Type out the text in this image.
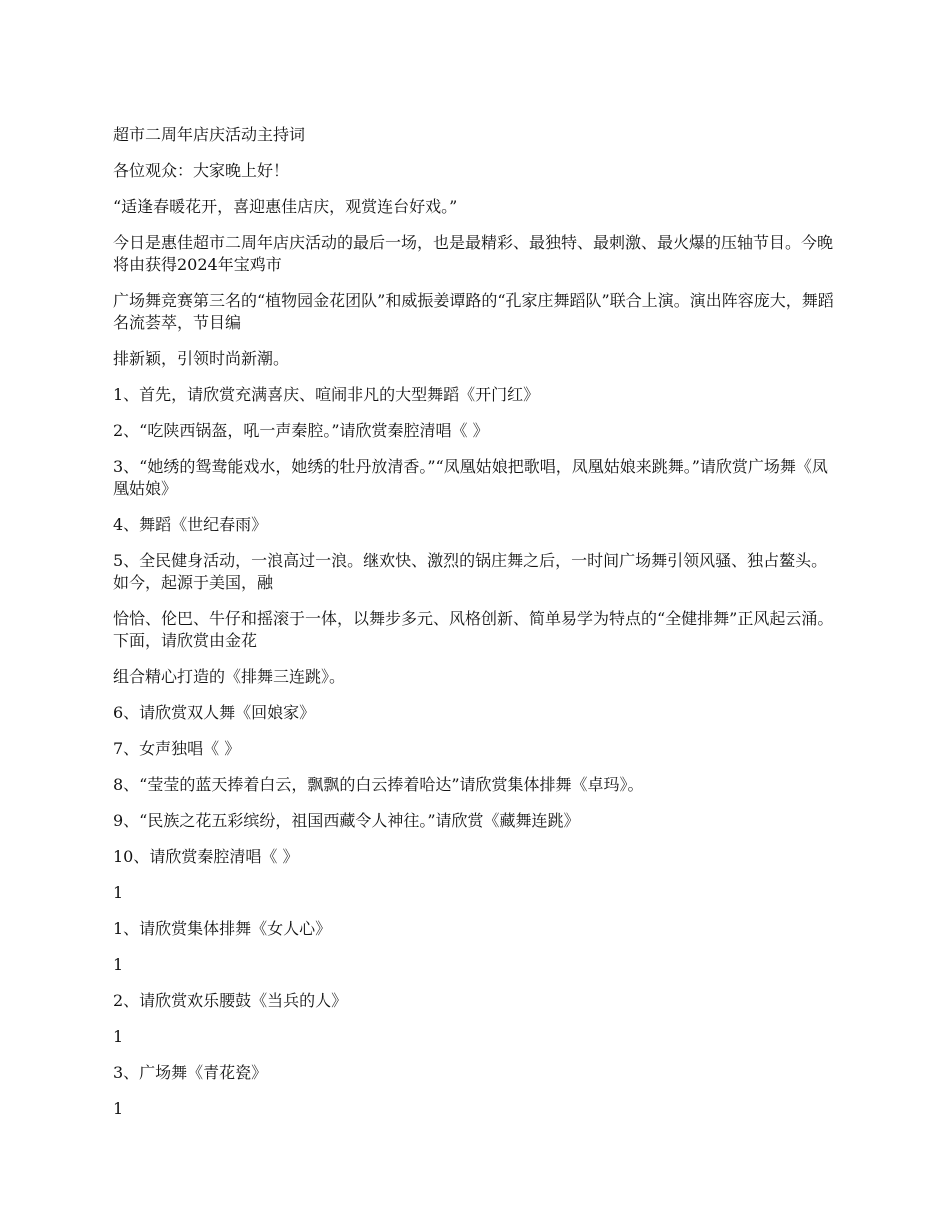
超市二周年店庆活动主持词

各位观众：大家晚上好！

“适逢春暖花开，喜迎惠佳店庆，观赏连台好戏。”

今日是惠佳超市二周年店庆活动的最后一场，也是最精彩、最独特、最刺激、最火爆的压轴节目。今晚将由获得2024年宝鸡市

广场舞竞赛第三名的“植物园金花团队”和威振姜谭路的“孔家庄舞蹈队”联合上演。演出阵容庞大，舞蹈名流荟萃，节目编

排新颖，引领时尚新潮。

1、首先，请欣赏充满喜庆、喧闹非凡的大型舞蹈《开门红》

2、“吃陕西锅盔，吼一声秦腔。”请欣赏秦腔清唱《 》

3、“她绣的鸳鸯能戏水，她绣的牡丹放清香。”“凤凰姑娘把歌唱，凤凰姑娘来跳舞。”请欣赏广场舞《凤凰姑娘》

4、舞蹈《世纪春雨》

5、全民健身活动，一浪高过一浪。继欢快、激烈的锅庄舞之后，一时间广场舞引领风骚、独占鳌头。如今，起源于美国，融

恰恰、伦巴、牛仔和摇滚于一体，以舞步多元、风格创新、简单易学为特点的“全健排舞”正风起云涌。下面，请欣赏由金花

组合精心打造的《排舞三连跳》。

6、请欣赏双人舞《回娘家》

7、女声独唱《 》

8、“莹莹的蓝天捧着白云，飘飘的白云捧着哈达”请欣赏集体排舞《卓玛》。

9、“民族之花五彩缤纷，祖国西藏令人神往。”请欣赏《藏舞连跳》

10、请欣赏秦腔清唱《 》

1

1、请欣赏集体排舞《女人心》

1

2、请欣赏欢乐腰鼓《当兵的人》

1

3、广场舞《青花瓷》

1
